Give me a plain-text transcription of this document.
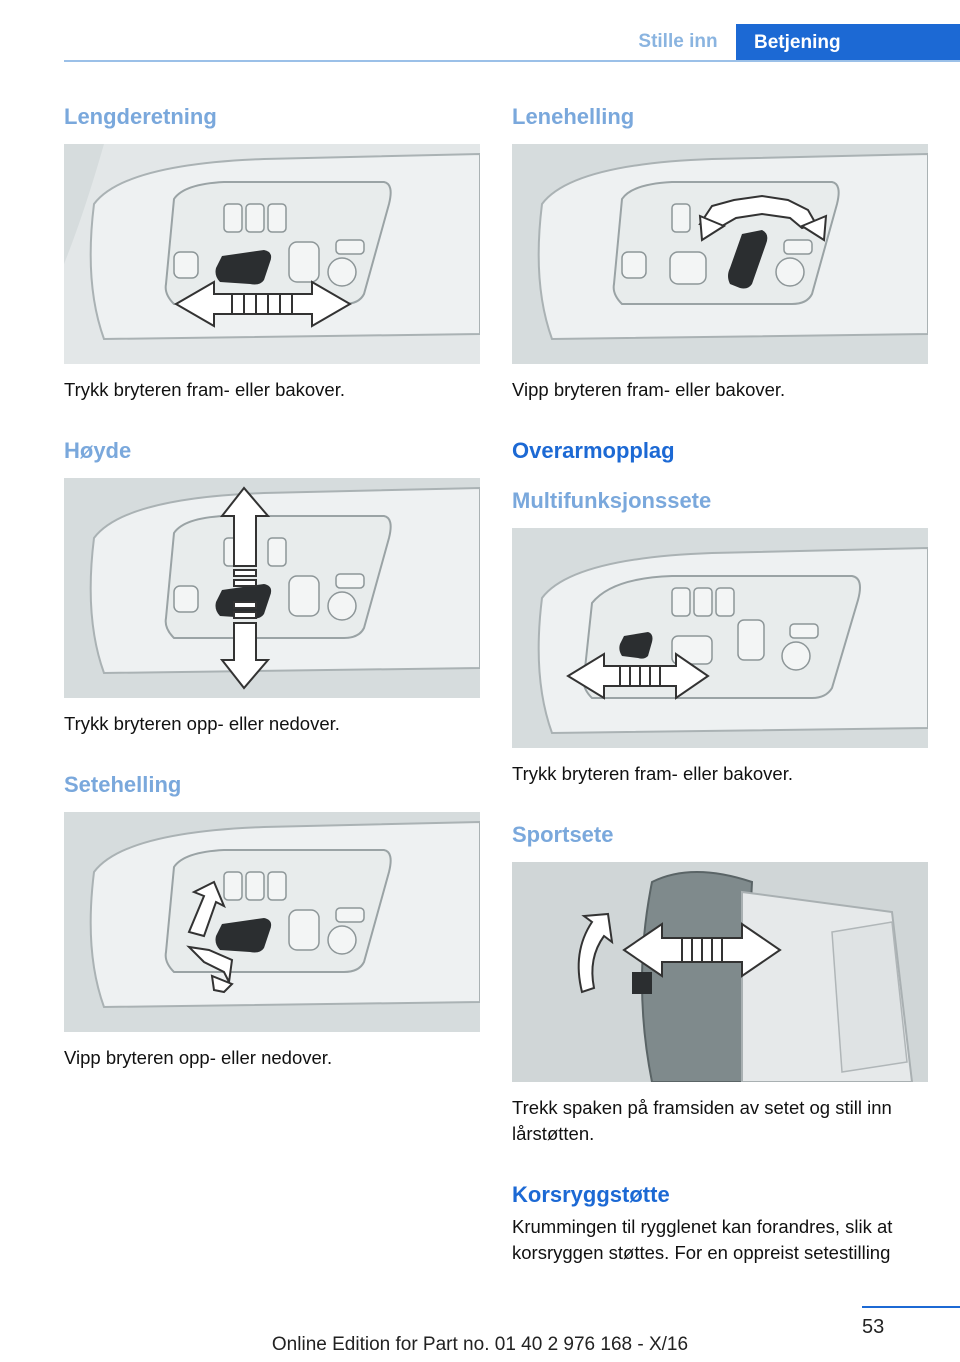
Stille inn	Betjening
Lengderetning
Trykk bryteren fram- eller bakover.
Høyde
Trykk bryteren opp- eller nedover.
Setehelling
Vipp bryteren opp- eller nedover.
Lenehelling
Vipp bryteren fram- eller bakover.
Overarmopplag
Multifunksjonssete
Trykk bryteren fram- eller bakover.
Sportsete
Trekk spaken på framsiden av setet og still inn lårstøtten.
Korsryggstøtte
Krummingen til rygglenet kan forandres, slik at korsryggen støttes. For en oppreist setestilling
53
Online Edition for Part no. 01 40 2 976 168 - X/16
